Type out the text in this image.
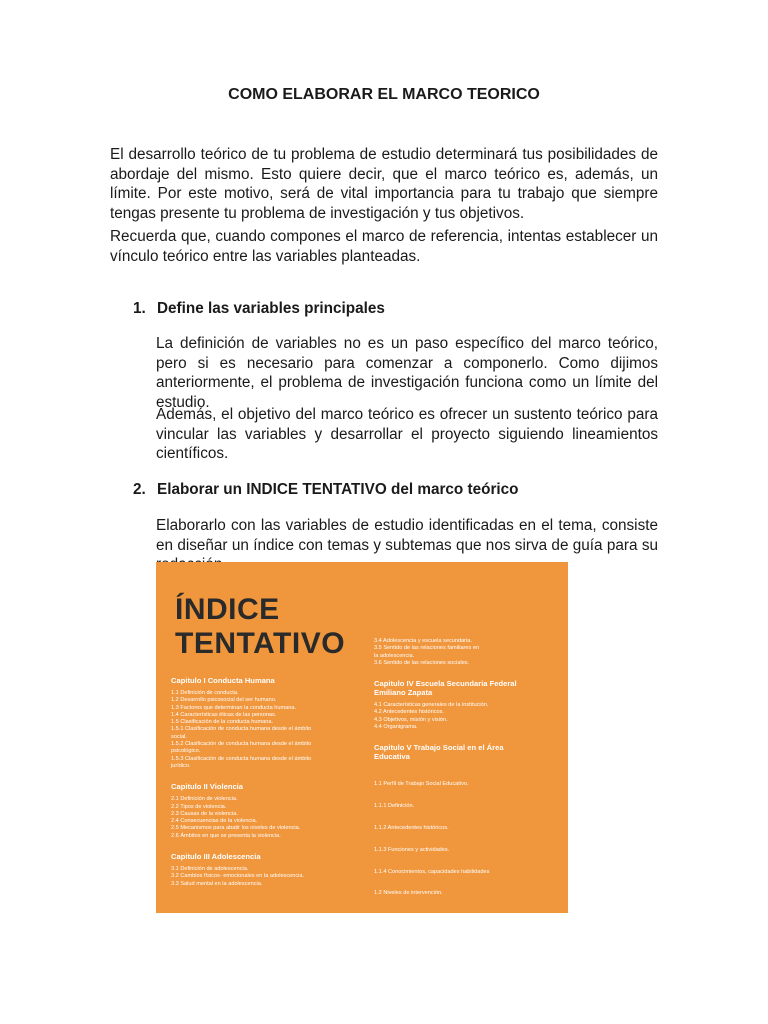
COMO ELABORAR EL MARCO TEORICO

El desarrollo teórico de tu problema de estudio determinará tus posibilidades de abordaje del mismo. Esto quiere decir, que el marco teórico es, además, un límite. Por este motivo, será de vital importancia para tu trabajo que siempre tengas presente tu problema de investigación y tus objetivos.

Recuerda que, cuando compones el marco de referencia, intentas establecer un vínculo teórico entre las variables planteadas.

1. Define las variables principales

La definición de variables no es un paso específico del marco teórico, pero si es necesario para comenzar a componerlo. Como dijimos anteriormente, el problema de investigación funciona como un límite del estudio.

Además, el objetivo del marco teórico es ofrecer un sustento teórico para vincular las variables y desarrollar el proyecto siguiendo lineamientos científicos.

2. Elaborar un INDICE TENTATIVO del marco teórico

Elaborarlo con las variables de estudio identificadas en el tema, consiste en diseñar un índice con temas y subtemas que nos sirva de guía para su

ÍNDICE
TENTATIVO
Capitulo I Conducta Humana
1.1 Definición de conducta.
1.2 Desarrollo psicosocial del ser humano.
1.3 Factores que determinan la conducta humana.
1.4 Características éticas de las personas.
1.5 Clasificación de la conducta humana.
1.5.1 Clasificación de conducta humana desde el ámbito
social.
1.5.2 Clasificación de conducta humana desde el ámbito
psicológico.
1.5.3 Clasificación de conducta humana desde el ámbito
jurídico.
Capitulo II Violencia
2.1 Definición de violencia.
2.2 Tipos de violencia.
2.3 Causas de la violencia.
2.4 Consecuencias de la violencia.
2.5 Mecanismos para abatir los niveles de violencia.
2.6 Ámbitos en que se presenta la violencia.
Capitulo III Adolescencia
3.1 Definición de adolescencia.
3.2 Cambios físicos- emocionales en la adolescencia.
3.3 Salud mental en la adolescencia.
3.4 Adolescencia y escuela secundaria.
3.5 Sentido de las relaciones familiares en
la adolescencia.
3.6 Sentido de las relaciones sociales.
Capitulo IV Escuela Secundaria Federal
Emiliano Zapata
4.1 Características generales de la institución.
4.2 Antecedentes históricos.
4.3 Objetivos, misión y visión.
4.4 Organigrama.
Capitulo V Trabajo Social en el Área
Educativa

1.1 Perfil de Trabajo Social Educativo.

1.1.1 Definición.

1.1.2 Antecedentes históricos.

1.1.3 Funciones y actividades.

1.1.4 Conocimientos, capacidades habilidades

1.2 Niveles de intervención.

Capitulo VI Investigación de Campo
6.1 Definición del universo.
6.2 Elaboración del instrumento.
6.3 Recolección de datos.
6.4 Presentación de resultados.
6.5 Análisis de la información.
